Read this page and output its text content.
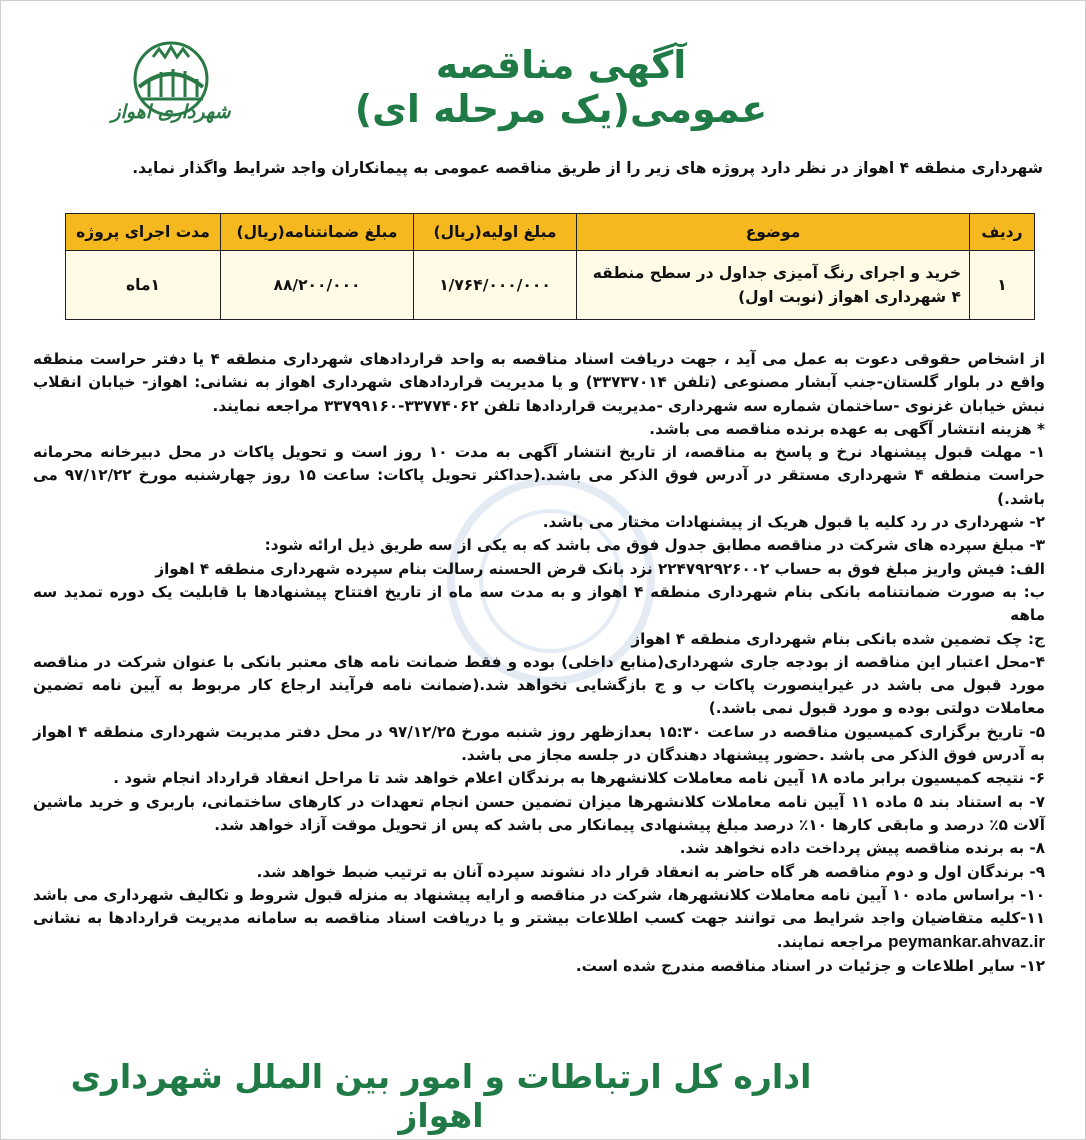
شهرداری اهواز
آگهی مناقصه عمومی(یک مرحله ای)
شهرداری منطقه ۴ اهواز در نظر دارد پروژه های زیر را از طریق مناقصه عمومی به پیمانکاران واجد شرایط واگذار نماید.
ردیف	موضوع	مبلغ اولیه(ریال)	مبلغ ضمانتنامه(ریال)	مدت اجرای پروژه
۱	خرید و اجرای رنگ آمیزی جداول در سطح منطقه ۴ شهرداری اهواز (نوبت اول)	۱/۷۶۴/۰۰۰/۰۰۰	۸۸/۲۰۰/۰۰۰	۱ماه

از اشخاص حقوقی دعوت به عمل می آید ، جهت دریافت اسناد مناقصه به واحد قراردادهای شهرداری منطقه ۴ یا دفتر حراست منطقه واقع در بلوار گلستان-جنب آبشار مصنوعی (تلفن ۳۳۷۳۷۰۱۴) و یا مدیریت قراردادهای شهرداری اهواز به نشانی: اهواز- خیابان انقلاب نبش خیابان غزنوی -ساختمان شماره سه شهرداری -مدیریت قراردادها تلفن ۳۳۷۷۴۰۶۲-۳۳۷۹۹۱۶۰ مراجعه نمایند.

* هزینه انتشار آگهی به عهده برنده مناقصه می باشد.

۱- مهلت قبول پیشنهاد نرخ و پاسخ به مناقصه، از تاریخ انتشار آگهی به مدت ۱۰ روز است و تحویل پاکات در محل دبیرخانه محرمانه حراست منطقه ۴ شهرداری مستقر در آدرس فوق الذکر می باشد.(حداکثر تحویل پاکات: ساعت ۱۵ روز چهارشنبه مورخ ۹۷/۱۲/۲۲ می باشد.)

۲- شهرداری در رد کلیه یا قبول هریک از پیشنهادات مختار می باشد.

۳- مبلغ سپرده های شرکت در مناقصه مطابق جدول فوق می باشد که به یکی از سه طریق ذیل ارائه شود:

الف: فیش واریز مبلغ فوق به حساب ۲۲۴۷۹۲۹۲۶۰۰۲ نزد بانک قرض الحسنه رسالت بنام سپرده شهرداری منطقه ۴ اهواز

ب: به صورت ضمانتنامه بانکی بنام شهرداری منطقه ۴ اهواز و به مدت سه ماه از تاریخ افتتاح پیشنهادها با قابلیت یک دوره تمدید سه ماهه

ج: چک تضمین شده بانکی بنام شهرداری منطقه ۴ اهواز

۴-محل اعتبار این مناقصه از بودجه جاری شهرداری(منابع داخلی) بوده و فقط ضمانت نامه های معتبر بانکی با عنوان شرکت در مناقصه مورد قبول می باشد در غیراینصورت پاکات ب و ج بازگشایی نخواهد شد.(ضمانت نامه فرآیند ارجاع کار مربوط به آیین نامه تضمین معاملات دولتی بوده و مورد قبول نمی باشد.)

۵- تاریخ برگزاری کمیسیون مناقصه در ساعت ۱۵:۳۰ بعدازظهر روز شنبه مورخ ۹۷/۱۲/۲۵ در محل دفتر مدیریت شهرداری منطقه ۴ اهواز به آدرس فوق الذکر می باشد .حضور پیشنهاد دهندگان در جلسه مجاز می باشد.

۶- نتیجه کمیسیون برابر ماده ۱۸ آیین نامه معاملات کلانشهرها به برندگان اعلام خواهد شد تا مراحل انعقاد قرارداد انجام شود .

۷- به استناد بند ۵ ماده ۱۱ آیین نامه معاملات کلانشهرها میزان تضمین حسن انجام تعهدات در کارهای ساختمانی، باربری و خرید ماشین آلات ۵٪ درصد و مابقی کارها ۱۰٪ درصد مبلغ پیشنهادی پیمانکار می باشد که پس از تحویل موقت آزاد خواهد شد.

۸- به برنده مناقصه پیش پرداخت داده نخواهد شد.

۹- برندگان اول و دوم مناقصه هر گاه حاضر به انعقاد قرار داد نشوند سپرده آنان به ترتیب ضبط خواهد شد.

۱۰- براساس ماده ۱۰ آیین نامه معاملات کلانشهرها، شرکت در مناقصه و ارایه پیشنهاد به منزله قبول شروط و تکالیف شهرداری می باشد

۱۱-کلیه متقاضیان واجد شرایط می توانند جهت کسب اطلاعات بیشتر و یا دریافت اسناد مناقصه به سامانه مدیریت قراردادها به نشانی peymankar.ahvaz.ir مراجعه نمایند.

۱۲- سایر اطلاعات و جزئیات در اسناد مناقصه مندرج شده است.

اداره کل ارتباطات و امور بین الملل شهرداری اهواز
